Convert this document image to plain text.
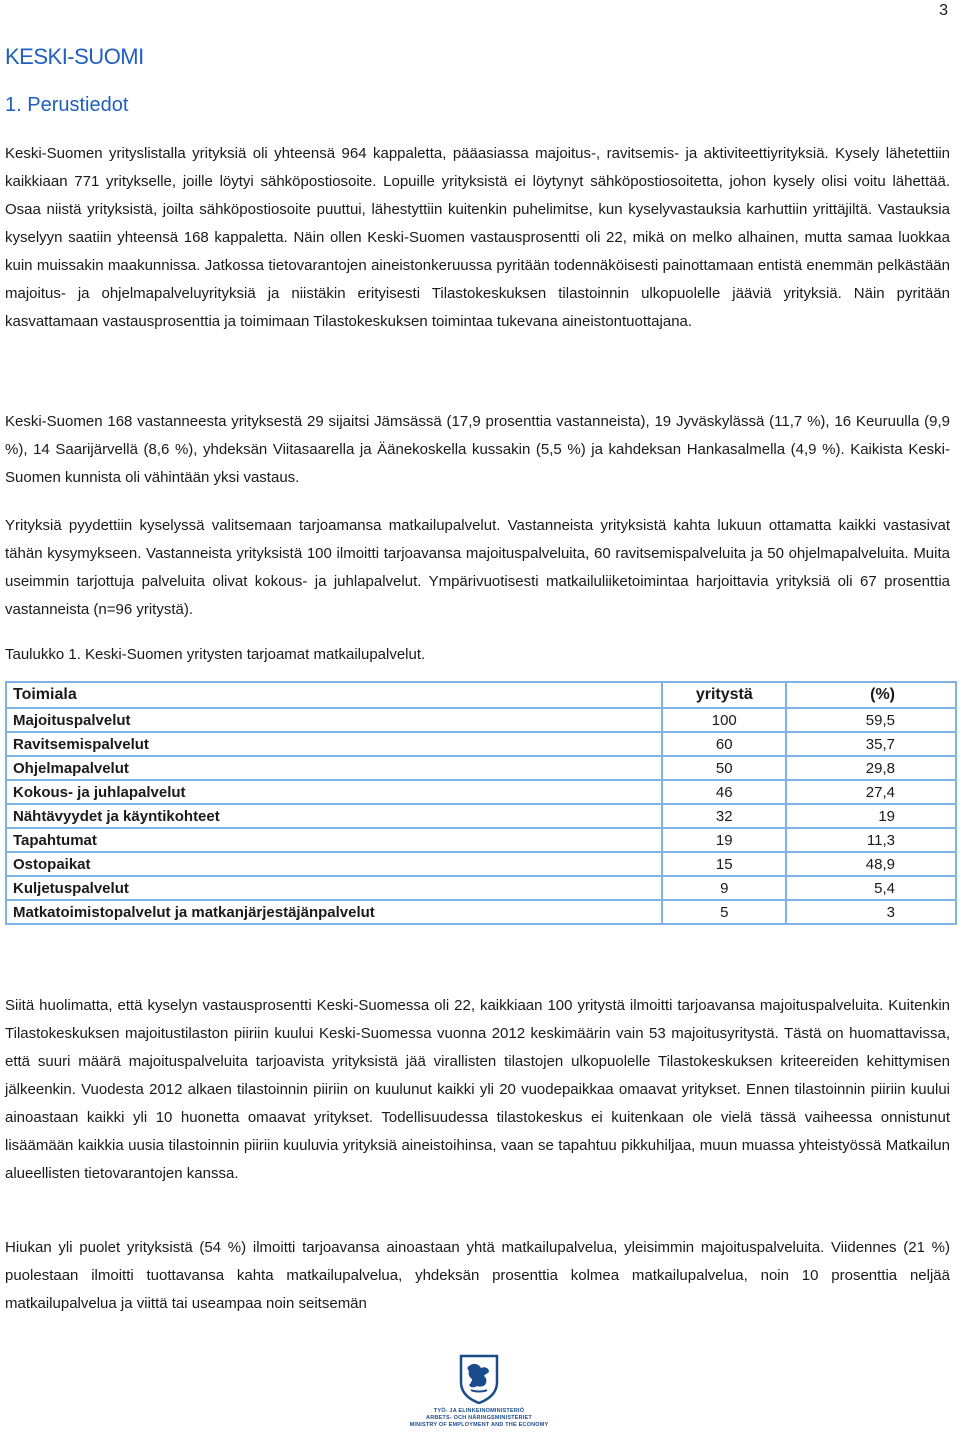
3
KESKI-SUOMI
1. Perustiedot

Keski-Suomen yrityslistalla yrityksiä oli yhteensä 964 kappaletta, pääasiassa majoitus-, ravitsemis- ja aktiviteettiyrityksiä. Kysely lähetettiin kaikkiaan 771 yritykselle, joille löytyi sähköpostiosoite. Lopuille yrityksistä ei löytynyt sähköpostiosoitetta, johon kysely olisi voitu lähettää. Osaa niistä yrityksistä, joilta sähköpostiosoite puuttui, lähestyttiin kuitenkin puhelimitse, kun kyselyvastauksia karhuttiin yrittäjiltä. Vastauksia kyselyyn saatiin yhteensä 168 kappaletta. Näin ollen Keski-Suomen vastausprosentti oli 22, mikä on melko alhainen, mutta samaa luokkaa kuin muissakin maakunnissa. Jatkossa tietovarantojen aineistonkeruussa pyritään todennäköisesti painottamaan entistä enemmän pelkästään majoitus- ja ohjelmapalveluyrityksiä ja niistäkin erityisesti Tilastokeskuksen tilastoinnin ulkopuolelle jääviä yrityksiä. Näin pyritään kasvattamaan vastausprosenttia ja toimimaan Tilastokeskuksen toimintaa tukevana aineistontuottajana.

Keski-Suomen 168 vastanneesta yrityksestä 29 sijaitsi Jämsässä (17,9 prosenttia vastanneista), 19 Jyväskylässä (11,7 %), 16 Keuruulla (9,9 %), 14 Saarijärvellä (8,6 %), yhdeksän Viitasaarella ja Äänekoskella kussakin (5,5 %) ja kahdeksan Hankasalmella (4,9 %). Kaikista Keski-Suomen kunnista oli vähintään yksi vastaus.

Yrityksiä pyydettiin kyselyssä valitsemaan tarjoamansa matkailupalvelut. Vastanneista yrityksistä kahta lukuun ottamatta kaikki vastasivat tähän kysymykseen. Vastanneista yrityksistä 100 ilmoitti tarjoavansa majoituspalveluita, 60 ravitsemispalveluita ja 50 ohjelmapalveluita. Muita useimmin tarjottuja palveluita olivat kokous- ja juhlapalvelut. Ympärivuotisesti matkailuliiketoimintaa harjoittavia yrityksiä oli 67 prosenttia vastanneista (n=96 yritystä).

Taulukko 1. Keski-Suomen yritysten tarjoamat matkailupalvelut.
Toimiala	yritystä	(%)
Majoituspalvelut	100	59,5
Ravitsemispalvelut	60	35,7
Ohjelmapalvelut	50	29,8
Kokous- ja juhlapalvelut	46	27,4
Nähtävyydet ja käyntikohteet	32	19
Tapahtumat	19	11,3
Ostopaikat	15	48,9
Kuljetuspalvelut	9	5,4
Matkatoimistopalvelut ja matkanjärjestäjänpalvelut	5	3

Siitä huolimatta, että kyselyn vastausprosentti Keski-Suomessa oli 22, kaikkiaan 100 yritystä ilmoitti tarjoavansa majoituspalveluita. Kuitenkin Tilastokeskuksen majoitustilaston piiriin kuului Keski-Suomessa vuonna 2012 keskimäärin vain 53 majoitusyritystä. Tästä on huomattavissa, että suuri määrä majoituspalveluita tarjoavista yrityksistä jää virallisten tilastojen ulkopuolelle Tilastokeskuksen kriteereiden kehittymisen jälkeenkin. Vuodesta 2012 alkaen tilastoinnin piiriin on kuulunut kaikki yli 20 vuodepaikkaa omaavat yritykset. Ennen tilastoinnin piiriin kuului ainoastaan kaikki yli 10 huonetta omaavat yritykset. Todellisuudessa tilastokeskus ei kuitenkaan ole vielä tässä vaiheessa onnistunut lisäämään kaikkia uusia tilastoinnin piiriin kuuluvia yrityksiä aineistoihinsa, vaan se tapahtuu pikkuhiljaa, muun muassa yhteistyössä Matkailun alueellisten tietovarantojen kanssa.

Hiukan yli puolet yrityksistä (54 %) ilmoitti tarjoavansa ainoastaan yhtä matkailupalvelua, yleisimmin majoituspalveluita. Viidennes (21 %) puolestaan ilmoitti tuottavansa kahta matkailupalvelua, yhdeksän prosenttia kolmea matkailupalvelua, noin 10 prosenttia neljää matkailupalvelua ja viittä tai useampaa noin seitsemän

TYÖ- JA ELINKEINOMINISTERIÖ
ARBETS- OCH NÄRINGSMINISTERIET
MINISTRY OF EMPLOYMENT AND THE ECONOMY
